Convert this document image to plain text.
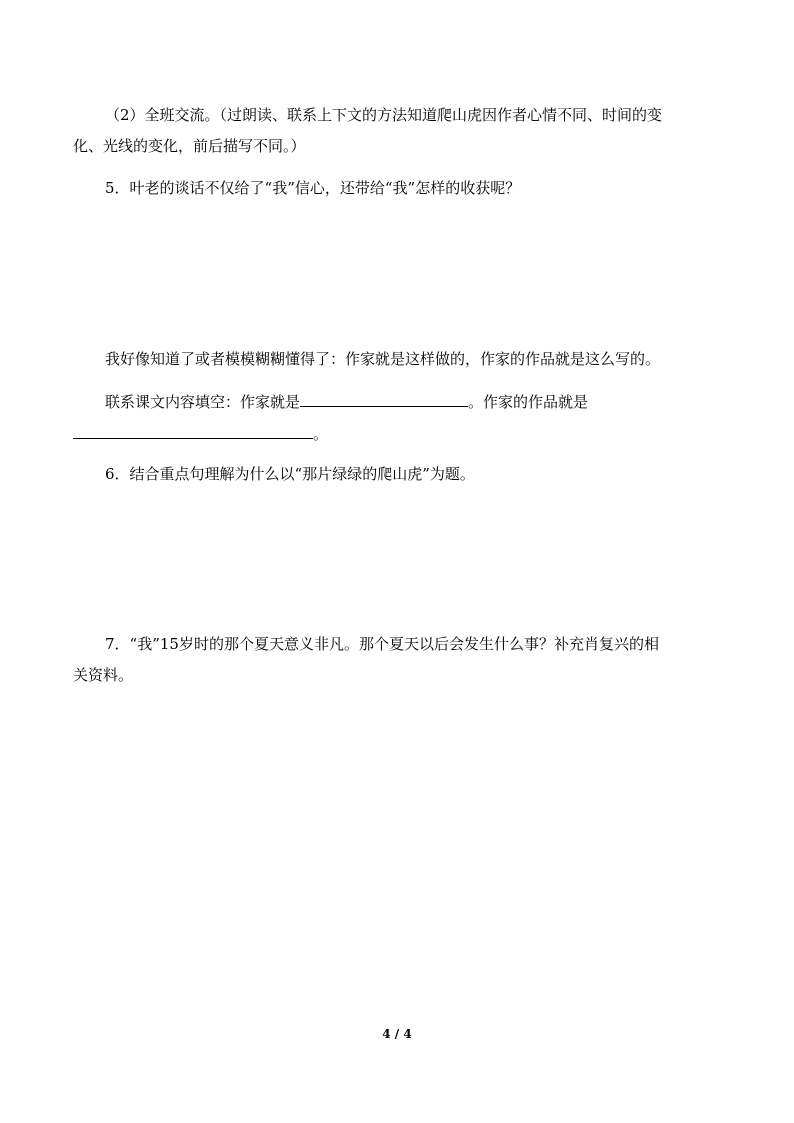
（2）全班交流。（过朗读、联系上下文的方法知道爬山虎因作者心情不同、时间的变
化、光线的变化，前后描写不同。）
5．叶老的谈话不仅给了“我”信心，还带给“我”怎样的收获呢？
我好像知道了或者模模糊糊懂得了：作家就是这样做的，作家的作品就是这么写的。
联系课文内容填空：作家就是	。作家的作品就是
。
6．结合重点句理解为什么以“那片绿绿的爬山虎”为题。
7．“我”15岁时的那个夏天意义非凡。那个夏天以后会发生什么事？补充肖复兴的相
关资料。
4 / 4
